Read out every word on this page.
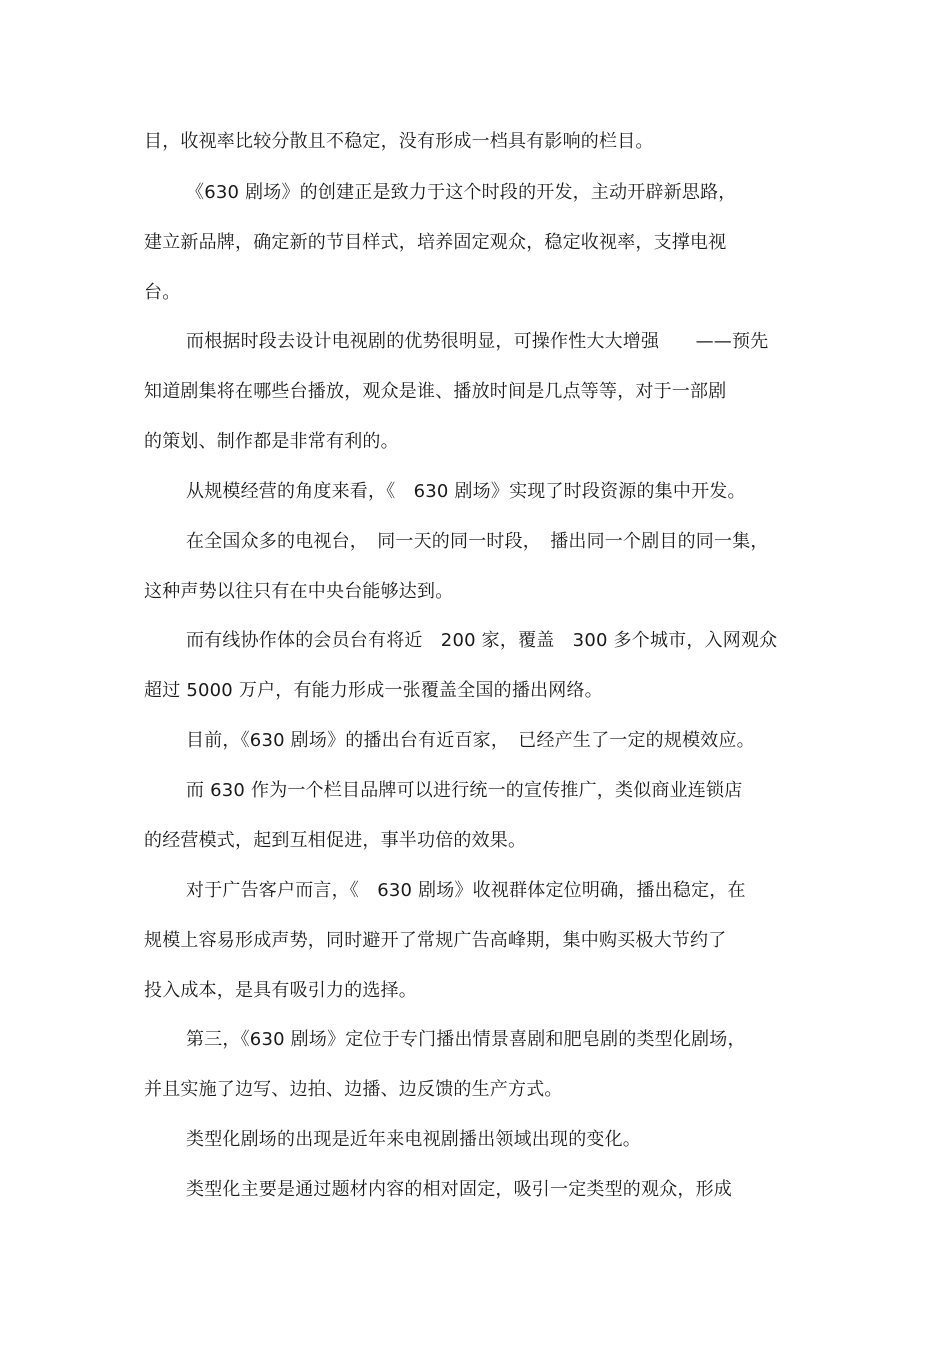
目，收视率比较分散且不稳定，没有形成一档具有影响的栏目。
《630 剧场》的创建正是致力于这个时段的开发，主动开辟新思路，
建立新品牌，确定新的节目样式，培养固定观众，稳定收视率，支撑电视
台。
而根据时段去设计电视剧的优势很明显，可操作性大大增强　　——预先
知道剧集将在哪些台播放，观众是谁、播放时间是几点等等，对于一部剧
的策划、制作都是非常有利的。
从规模经营的角度来看，《　630 剧场》实现了时段资源的集中开发。
在全国众多的电视台，　同一天的同一时段，　播出同一个剧目的同一集，
这种声势以往只有在中央台能够达到。
而有线协作体的会员台有将近　200 家，覆盖　300 多个城市，入网观众
超过 5000 万户，有能力形成一张覆盖全国的播出网络。
目前，《630 剧场》的播出台有近百家，　已经产生了一定的规模效应。
而 630 作为一个栏目品牌可以进行统一的宣传推广，类似商业连锁店
的经营模式，起到互相促进，事半功倍的效果。
对于广告客户而言，《　630 剧场》收视群体定位明确，播出稳定，在
规模上容易形成声势，同时避开了常规广告高峰期，集中购买极大节约了
投入成本，是具有吸引力的选择。
第三，《630 剧场》定位于专门播出情景喜剧和肥皂剧的类型化剧场，
并且实施了边写、边拍、边播、边反馈的生产方式。
类型化剧场的出现是近年来电视剧播出领域出现的变化。
类型化主要是通过题材内容的相对固定，吸引一定类型的观众，形成
